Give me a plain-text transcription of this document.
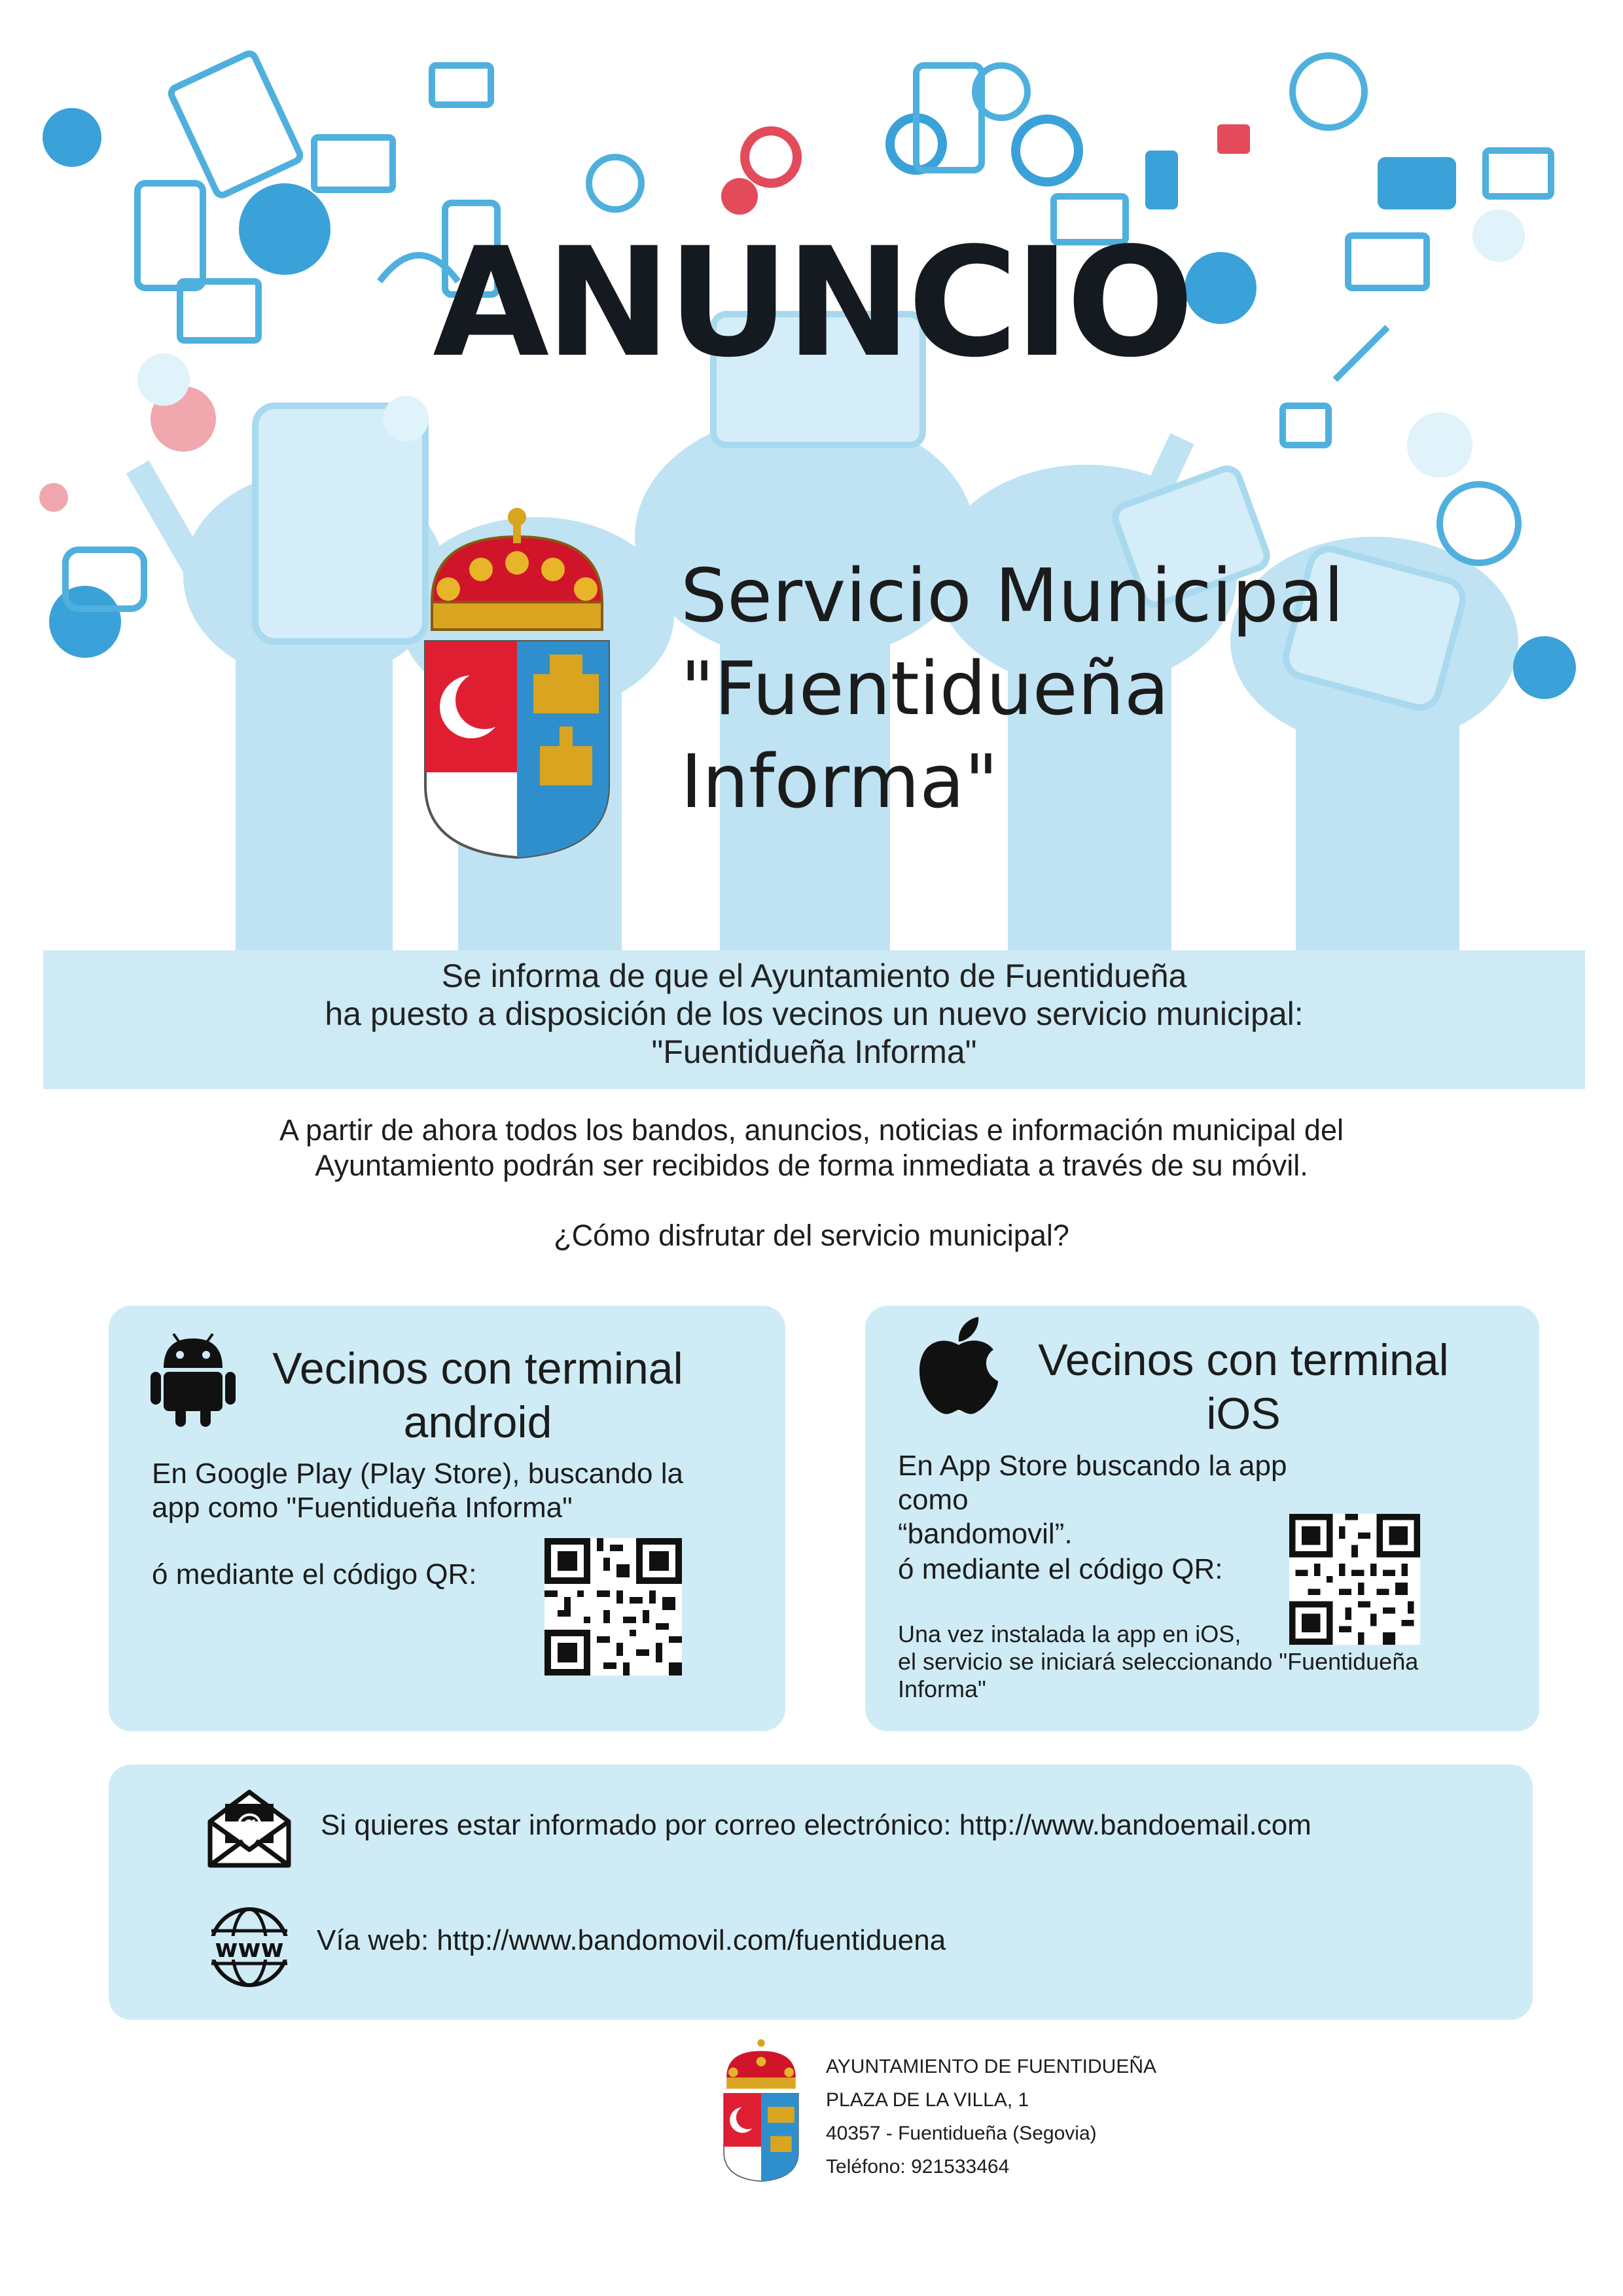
ANUNCIO
Servicio Municipal
"Fuentidueña
Informa"
Se informa de que el Ayuntamiento de Fuentidueña
ha puesto a disposición de los vecinos un nuevo servicio municipal:
"Fuentidueña Informa"
A partir de ahora todos los bandos, anuncios, noticias e información municipal del
Ayuntamiento podrán ser recibidos de forma inmediata a través de su móvil.
¿Cómo disfrutar del servicio municipal?
Vecinos con terminal
android
En Google Play (Play Store), buscando la
app como "Fuentidueña Informa"
ó mediante el código QR:
Vecinos con terminal
iOS
En App Store buscando la app como
“bandomovil”.
ó mediante el código QR:
Una vez instalada la app en iOS,
el servicio se iniciará seleccionando "Fuentidueña
Informa"
Si quieres estar informado por correo electrónico: http://www.bandoemail.com
www Vía web: http://www.bandomovil.com/fuentiduena
AYUNTAMIENTO DE FUENTIDUEÑA
PLAZA DE LA VILLA, 1
40357 - Fuentidueña (Segovia)
Teléfono: 921533464
